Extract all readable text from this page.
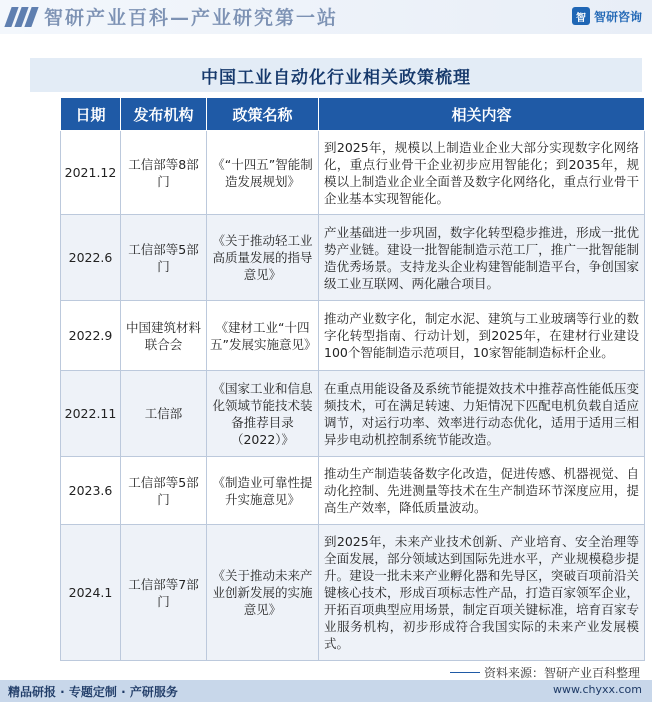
智研产业百科—产业研究第一站	智 智研咨询
中国工业自动化行业相关政策梳理
日期	发布机构	政策名称	相关内容
2021.12	工信部等8部门	《“十四五”智能制造发展规划》	到2025年，规模以上制造业企业大部分实现数字化网络化，重点行业骨干企业初步应用智能化；到2035年，规模以上制造业企业全面普及数字化网络化，重点行业骨干企业基本实现智能化。
2022.6	工信部等5部门	《关于推动轻工业高质量发展的指导意见》	产业基础进一步巩固，数字化转型稳步推进，形成一批优势产业链。建设一批智能制造示范工厂，推广一批智能制造优秀场景。支持龙头企业构建智能制造平台，争创国家级工业互联网、两化融合项目。
2022.9	中国建筑材料联合会	《建材工业“十四五”发展实施意见》	推动产业数字化，制定水泥、建筑与工业玻璃等行业的数字化转型指南、行动计划，到2025年，在建材行业建设100个智能制造示范项目，10家智能制造标杆企业。
2022.11	工信部	《国家工业和信息化领域节能技术装备推荐目录（2022）》	在重点用能设备及系统节能提效技术中推荐高性能低压变频技术，可在满足转速、力矩情况下匹配电机负载自适应调节，对运行功率、效率进行动态优化，适用于适用三相异步电动机控制系统节能改造。
2023.6	工信部等5部门	《制造业可靠性提升实施意见》	推动生产制造装备数字化改造，促进传感、机器视觉、自动化控制、先进测量等技术在生产制造环节深度应用，提高生产效率，降低质量波动。
2024.1	工信部等7部门	《关于推动未来产业创新发展的实施意见》	到2025年，未来产业技术创新、产业培育、安全治理等全面发展，部分领域达到国际先进水平，产业规模稳步提升。建设一批未来产业孵化器和先导区，突破百项前沿关键核心技术，形成百项标志性产品，打造百家领军企业，开拓百项典型应用场景，制定百项关键标准，培育百家专业服务机构，初步形成符合我国实际的未来产业发展模式。
资料来源：智研产业百科整理
精品研报 · 专题定制 · 产研服务	www.chyxx.com
